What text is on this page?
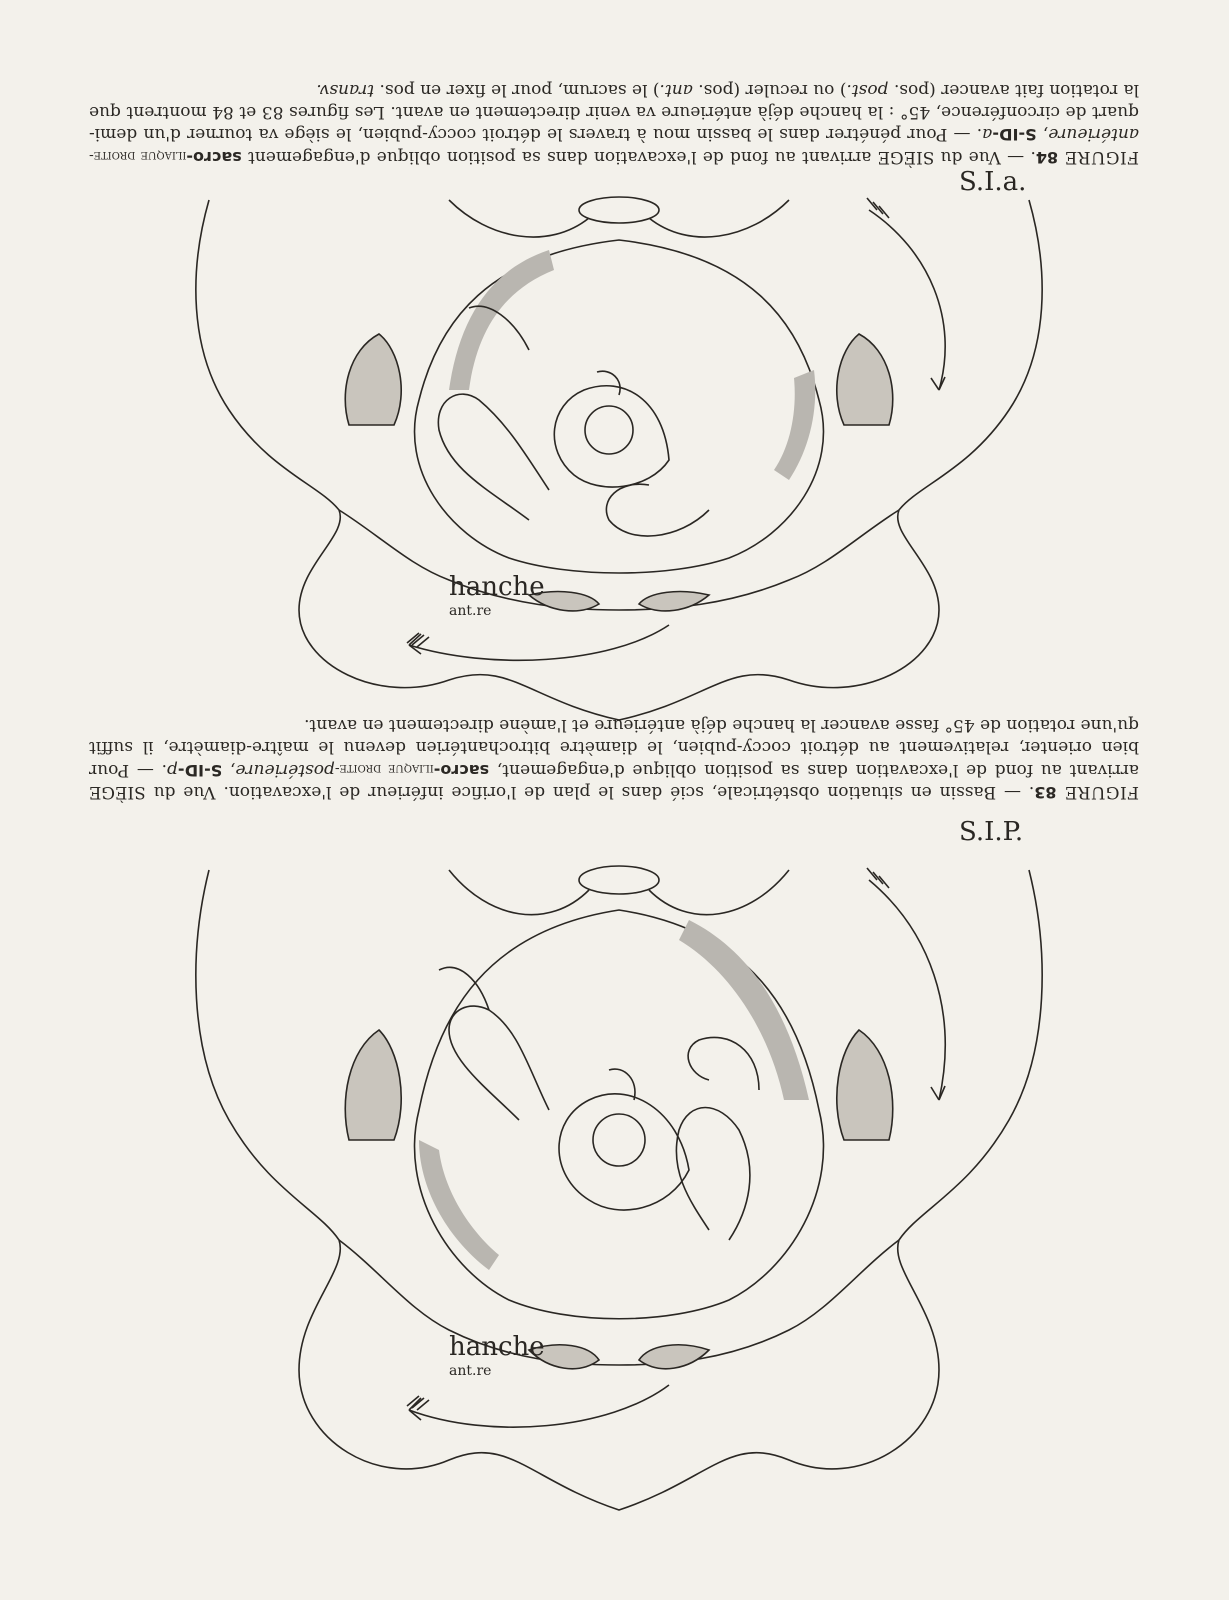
hanche
ant.re
S.I.P.
hanche
ant.re
S.I.a.
FIGURE 83. — Bassin en situation obstétricale, scié dans le plan de l'orifice inférieur de l'excavation. Vue du SIÈGE arrivant au fond de l'excavation dans sa position oblique d'engagement, sacro-iliaque droite-postérieure, S-ID-p. — Pour bien orienter, relativement au détroit coccy-pubien, le diamètre bitrochantérien devenu le maître-diamètre, il suffit qu'une rotation de 45° fasse avancer la hanche déjà antérieure et l'amène directement en avant.
FIGURE 84. — Vue du SIÈGE arrivant au fond de l'excavation dans sa position oblique d'engagement sacro-iliaque droite-antérieure, S-ID-a. — Pour pénétrer dans le bassin mou à travers le détroit coccy-pubien, le siège va tourner d'un demi-quart de circonférence, 45° : la hanche déjà antérieure va venir directement en avant. Les figures 83 et 84 montrent que la rotation fait avancer (pos. post.) ou reculer (pos. ant.) le sacrum, pour le fixer en pos. transv.
